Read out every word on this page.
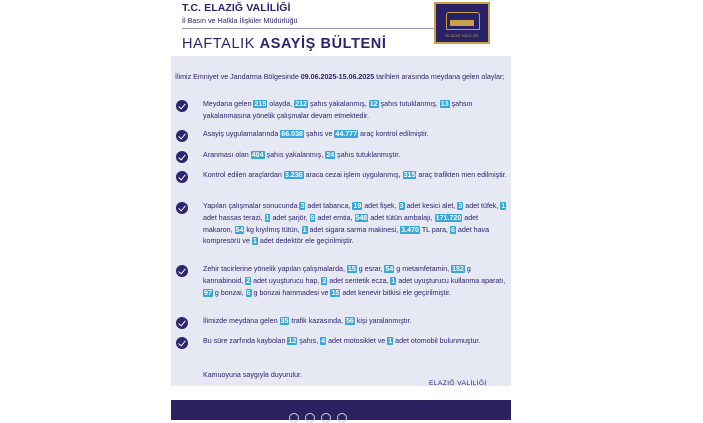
T.C. ELAZIĞ VALİLİĞİ
İl Basın ve Halkla İlişkiler Müdürlüğü
HAFTALIK ASAYİŞ BÜLTENİ	ELAZIĞ VALİLİĞİ
İlimiz Emniyet ve Jandarma Bölgesinde 09.06.2025-15.06.2025 tarihleri arasında meydana gelen olaylar;
Meydana gelen 215 olayda, 212 şahıs yakalanmış, 12 şahıs tutuklanmış, 13 şahsın yakalanmasına yönelik çalışmalar devam etmektedir.
Asayiş uygulamalarında 66.038 şahıs ve 44.777 araç kontrol edilmiştir.
Aranması olan 404 şahıs yakalanmış, 24 şahıs tutuklanmıştır.
Kontrol edilen araçlardan 3.238 araca cezai işlem uygulanmış, 315 araç trafikten men edilmiştir.
Yapılan çalışmalar sonucunda 3 adet tabanca, 19 adet fişek, 3 adet kesici alet, 3 adet tüfek, 1 adet hassas terazi, 1 adet şarjör, 9 adet emtia, 548 adet tütün ambalajı, 171.720 adet makaron, 54 kg kıyılmış tütün, 1 adet sigara sarma makinesi, 3.470 TL para, 6 adet hava kompresörü ve 1 adet dedektör ele geçirilmiştir.
Zehir tacirlerine yönelik yapılan çalışmalarda, 15 g esrar, 54 g metamfetamin, 152 g kannabinoid, 2 adet uyuşturucu hap, 2 adet sentetik ecza, 1 adet uyuşturucu kullanma aparatı, 97 g bonzai, 6 g bonzai hammadesi ve 15 adet kenevir bitkisi ele geçirilmiştir.
İlimizde meydana gelen 35 trafik kazasında, 56 kişi yaralanmıştır.
Bu süre zarfında kaybolan 12 şahıs, 4 adet motosiklet ve 1 adet otomobil bulunmuştur.
Kamuoyuna saygıyla duyurulur.
ELAZIĞ VALİLİĞİ
